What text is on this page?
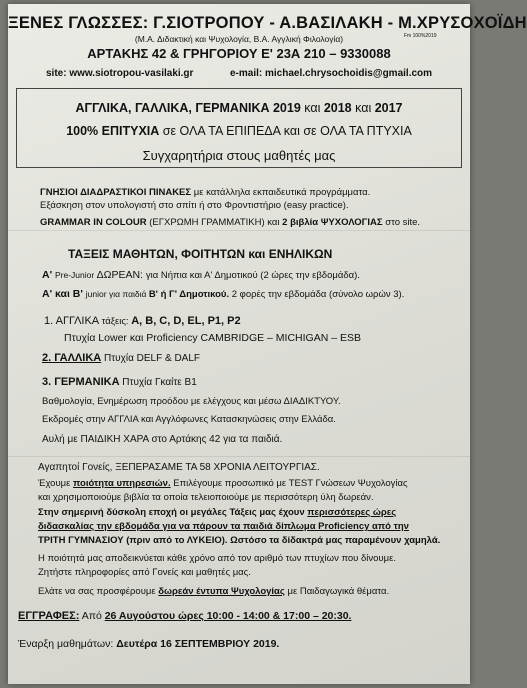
ΞΕΝΕΣ ΓΛΩΣΣΕΣ: Γ.ΣΙΟΤΡΟΠΟΥ - Α.ΒΑΣΙΛΑΚΗ - Μ.ΧΡΥΣΟΧΟΪΔΗ
(Μ.Α. Διδακτική και Ψυχολογία, Β.Α. Αγγλική Φιλολογία)	Fm 100%2019
ΑΡΤΑΚΗΣ 42 & ΓΡΗΓΟΡΙΟΥ Ε' 23Α 210 – 9330088
site: www.siotropou-vasilaki.gr	e-mail: michael.chrysochoidis@gmail.com
ΑΓΓΛΙΚΑ, ΓΑΛΛΙΚΑ, ΓΕΡΜΑΝΙΚΑ 2019 και 2018 και 2017
100% ΕΠΙΤΥΧΙΑ σε ΟΛΑ ΤΑ ΕΠΙΠΕΔΑ και σε ΟΛΑ ΤΑ ΠΤΥΧΙΑ
Συγχαρητήρια στους μαθητές μας
ΓΝΗΣΙΟΙ ΔΙΑΔΡΑΣΤΙΚΟΙ ΠΙΝΑΚΕΣ με κατάλληλα εκπαιδευτικά προγράμματα.
Εξάσκηση στον υπολογιστή στο σπίτι ή στο Φροντιστήριο (easy practice).
GRAMMAR IN COLOUR (ΕΓΧΡΩΜΗ ΓΡΑΜΜΑΤΙΚΗ) και 2 βιβλία ΨΥΧΟΛΟΓΙΑΣ στο site.
ΤΑΞΕΙΣ ΜΑΘΗΤΩΝ, ΦΟΙΤΗΤΩΝ και ΕΝΗΛΙΚΩΝ
Α' Pre-Junior ΔΩΡΕΑΝ: για Νήπια και Α' Δημοτικού (2 ώρες την εβδομάδα).
Α' και Β' junior για παιδιά Β' ή Γ' Δημοτικού. 2 φορές την εβδομάδα (σύνολο ωρών 3).
1. ΑΓΓΛΙΚΑ τάξεις: A, B, C, D, EL, P1, P2
Πτυχία Lower και Proficiency CAMBRIDGE – MICHIGAN – ESB
2. ΓΑΛΛΙΚΑ Πτυχία DELF & DALF
3. ΓΕΡΜΑΝΙΚΑ Πτυχία Γκαίτε Β1
Βαθμολογία, Ενημέρωση προόδου με ελέγχους και μέσω ΔΙΑΔΙΚΤΥΟΥ.
Εκδρομές στην ΑΓΓΛΙΑ και Αγγλόφωνες Κατασκηνώσεις στην Ελλάδα.
Αυλή με ΠΑΙΔΙΚΗ ΧΑΡΑ στο Αρτάκης 42 για τα παιδιά.
Αγαπητοί Γονείς, ΞΕΠΕΡΑΣΑΜΕ ΤΑ 58 ΧΡΟΝΙΑ ΛΕΙΤΟΥΡΓΙΑΣ.
Έχουμε ποιότητα υπηρεσιών. Επιλέγουμε προσωπικό με TEST Γνώσεων Ψυχολογίας
και χρησιμοποιούμε βιβλία τα οποία τελειοποιούμε με περισσότερη ύλη δωρεάν.
Στην σημερινή δύσκολη εποχή οι μεγάλες Τάξεις μας έχουν περισσότερες ώρες
διδασκαλίας την εβδομάδα για να πάρουν τα παιδιά δίπλωμα Proficiency από την
ΤΡΙΤΗ ΓΥΜΝΑΣΙΟΥ (πριν από το ΛΥΚΕΙΟ). Ωστόσο τα δίδακτρά μας παραμένουν χαμηλά.
Η ποιότητά μας αποδεικνύεται κάθε χρόνο από τον αριθμό των πτυχίων που δίνουμε.
Ζητήστε πληροφορίες από Γονείς και μαθητές μας.
Ελάτε να σας προσφέρουμε δωρεάν έντυπα Ψυχολογίας με Παιδαγωγικά θέματα.
ΕΓΓΡΑΦΕΣ: Από 26 Αυγούστου ώρες 10:00 - 14:00 & 17:00 – 20:30.
Έναρξη μαθημάτων: Δευτέρα 16 ΣΕΠΤΕΜΒΡΙΟΥ 2019.
